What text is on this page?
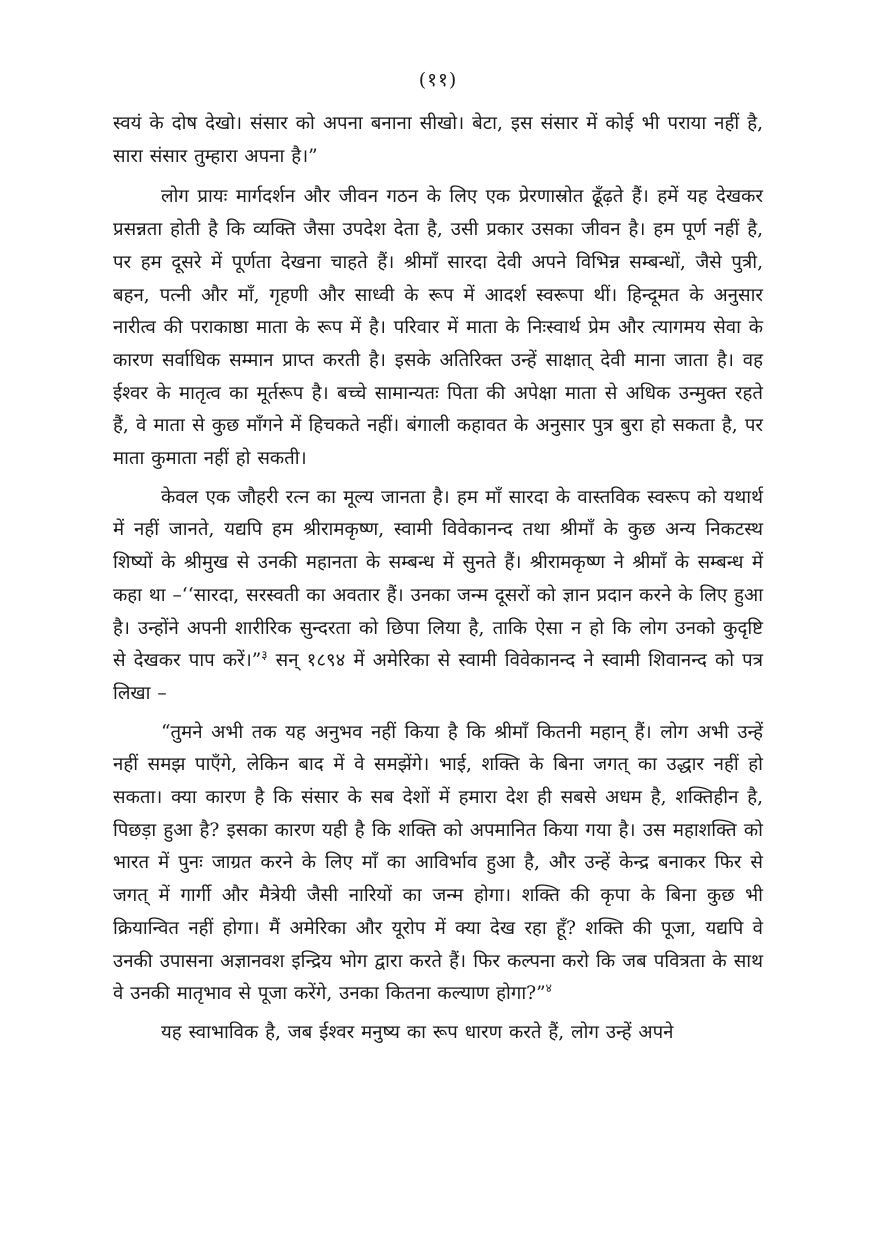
(११)

स्वयं के दोष देखो। संसार को अपना बनाना सीखो। बेटा, इस संसार में कोई भी पराया नहीं है, सारा संसार तुम्हारा अपना है।”

लोग प्रायः मार्गदर्शन और जीवन गठन के लिए एक प्रेरणास्रोत ढूँढ़ते हैं। हमें यह देखकर प्रसन्नता होती है कि व्यक्ति जैसा उपदेश देता है, उसी प्रकार उसका जीवन है। हम पूर्ण नहीं है, पर हम दूसरे में पूर्णता देखना चाहते हैं। श्रीमाँ सारदा देवी अपने विभिन्न सम्बन्धों, जैसे पुत्री, बहन, पत्नी और माँ, गृहणी और साध्वी के रूप में आदर्श स्वरूपा थीं। हिन्दूमत के अनुसार नारीत्व की पराकाष्ठा माता के रूप में है। परिवार में माता के निःस्वार्थ प्रेम और त्यागमय सेवा के कारण सर्वाधिक सम्मान प्राप्त करती है। इसके अतिरिक्त उन्हें साक्षात् देवी माना जाता है। वह ईश्वर के मातृत्व का मूर्तरूप है। बच्चे सामान्यतः पिता की अपेक्षा माता से अधिक उन्मुक्त रहते हैं, वे माता से कुछ माँगने में हिचकते नहीं। बंगाली कहावत के अनुसार पुत्र बुरा हो सकता है, पर माता कुमाता नहीं हो सकती।

केवल एक जौहरी रत्न का मूल्य जानता है। हम माँ सारदा के वास्तविक स्वरूप को यथार्थ में नहीं जानते, यद्यपि हम श्रीरामकृष्ण, स्वामी विवेकानन्द तथा श्रीमाँ के कुछ अन्य निकटस्थ शिष्यों के श्रीमुख से उनकी महानता के सम्बन्ध में सुनते हैं। श्रीरामकृष्ण ने श्रीमाँ के सम्बन्ध में कहा था –‘‘सारदा, सरस्वती का अवतार हैं। उनका जन्म दूसरों को ज्ञान प्रदान करने के लिए हुआ है। उन्होंने अपनी शारीरिक सुन्दरता को छिपा लिया है, ताकि ऐसा न हो कि लोग उनको कुदृष्टि से देखकर पाप करें।”$^३$ सन् १८९४ में अमेरिका से स्वामी विवेकानन्द ने स्वामी शिवानन्द को पत्र लिखा –

“तुमने अभी तक यह अनुभव नहीं किया है कि श्रीमाँ कितनी महान् हैं। लोग अभी उन्हें नहीं समझ पाएँगे, लेकिन बाद में वे समझेंगे। भाई, शक्ति के बिना जगत् का उद्धार नहीं हो सकता। क्या कारण है कि संसार के सब देशों में हमारा देश ही सबसे अधम है, शक्तिहीन है, पिछड़ा हुआ है? इसका कारण यही है कि शक्ति को अपमानित किया गया है। उस महाशक्ति को भारत में पुनः जाग्रत करने के लिए माँ का आविर्भाव हुआ है, और उन्हें केन्द्र बनाकर फिर से जगत् में गार्गी और मैत्रेयी जैसी नारियों का जन्म होगा। शक्ति की कृपा के बिना कुछ भी क्रियान्वित नहीं होगा। मैं अमेरिका और यूरोप में क्या देख रहा हूँ? शक्ति की पूजा, यद्यपि वे उनकी उपासना अज्ञानवश इन्द्रिय भोग द्वारा करते हैं। फिर कल्पना करो कि जब पवित्रता के साथ वे उनकी मातृभाव से पूजा करेंगे, उनका कितना कल्याण होगा?”$^४$

यह स्वाभाविक है, जब ईश्वर मनुष्य का रूप धारण करते हैं, लोग उन्हें अपने
